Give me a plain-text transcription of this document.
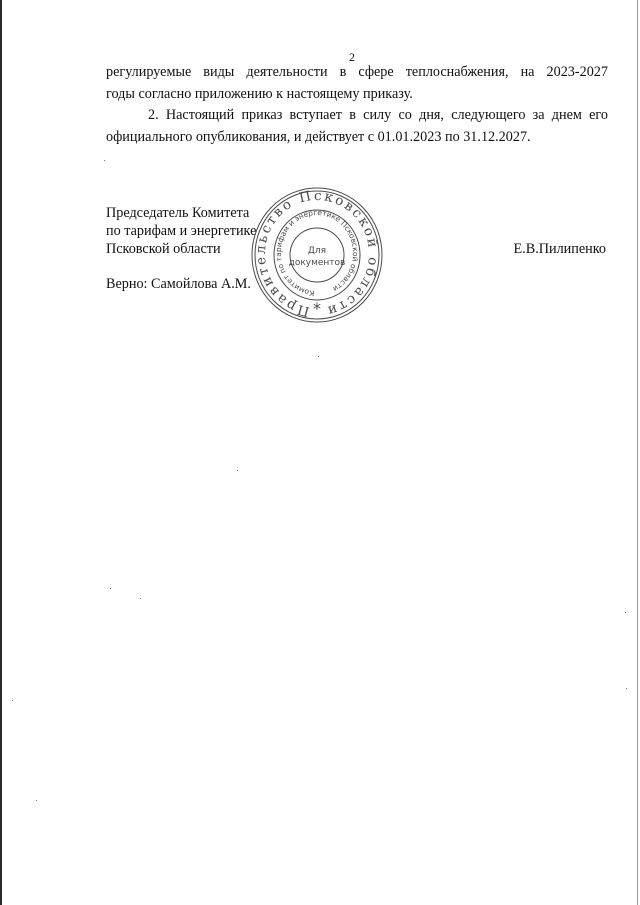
2

регулируемые виды деятельности в сфере теплоснабжения, на 2023-2027
годы согласно приложению к настоящему приказу.

2. Настоящий приказ вступает в силу со дня, следующего за днем его
официального опубликования, и действует с 01.01.2023 по 31.12.2027.

Председатель Комитета
по тарифам и энергетике
Псковской области	Е.В.Пилипенко
Верно: Самойлова А.М.
Правительство Псковской области
Комитет по тарифам и энергетике Псковской области
Для
документов
*
